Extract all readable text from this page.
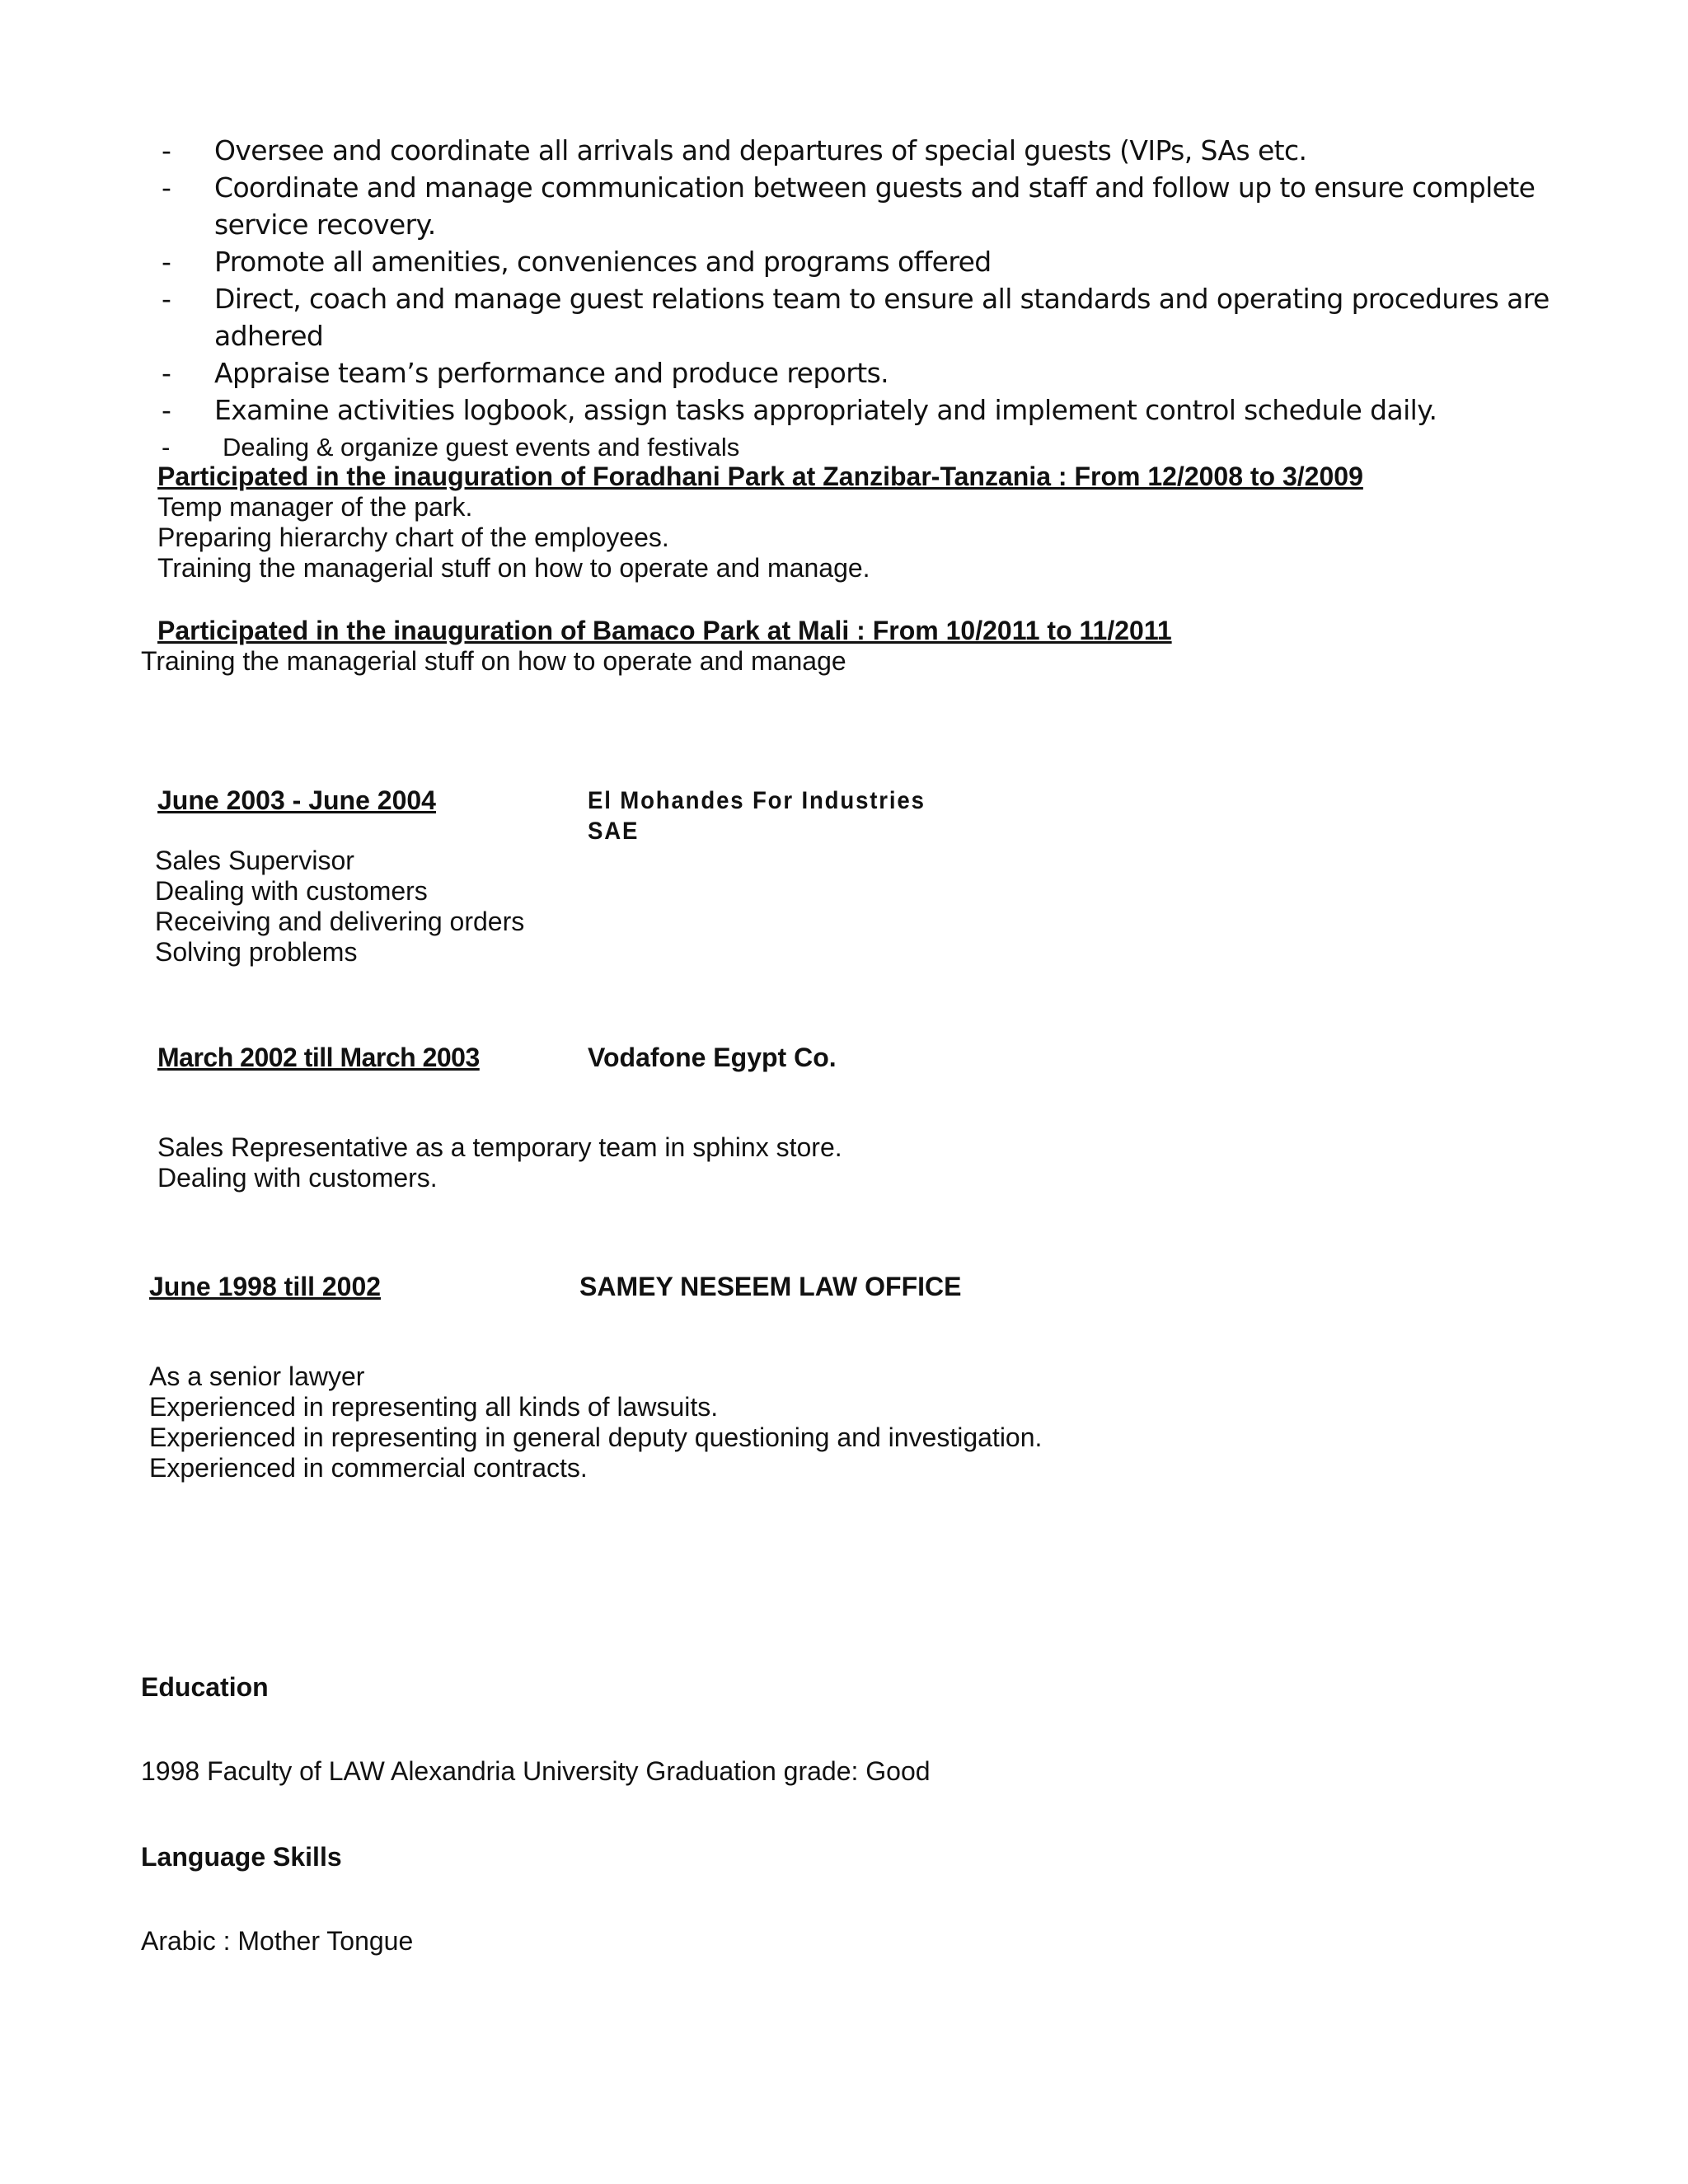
- Oversee and coordinate all arrivals and departures of special guests (VIPs, SAs etc.
- Coordinate and manage communication between guests and staff and follow up to ensure complete service recovery.
- Promote all amenities, conveniences and programs offered
- Direct, coach and manage guest relations team to ensure all standards and operating procedures are adhered
- Appraise team’s performance and produce reports.
- Examine activities logbook, assign tasks appropriately and implement control schedule daily.
- Dealing & organize guest events and festivals
Participated in the inauguration of Foradhani Park at Zanzibar-Tanzania : From 12/2008 to 3/2009
Temp manager of the park.
Preparing hierarchy chart of the employees.
Training the managerial stuff on how to operate and manage.
Participated in the inauguration of Bamaco Park at Mali : From 10/2011 to 11/2011
Training the managerial stuff on how to operate and manage
June 2003 - June 2004	El Mohandes For Industries
SAE
Sales Supervisor
Dealing with customers
Receiving and delivering orders
Solving problems
March 2002 till March 2003	Vodafone Egypt Co.
Sales Representative as a temporary team in sphinx store.
Dealing with customers.
June 1998 till 2002	SAMEY NESEEM LAW OFFICE
As a senior lawyer
Experienced in representing all kinds of lawsuits.
Experienced in representing in general deputy questioning and investigation.
Experienced in commercial contracts.
Education
1998 Faculty of LAW Alexandria University Graduation grade: Good
Language Skills
Arabic : Mother Tongue
